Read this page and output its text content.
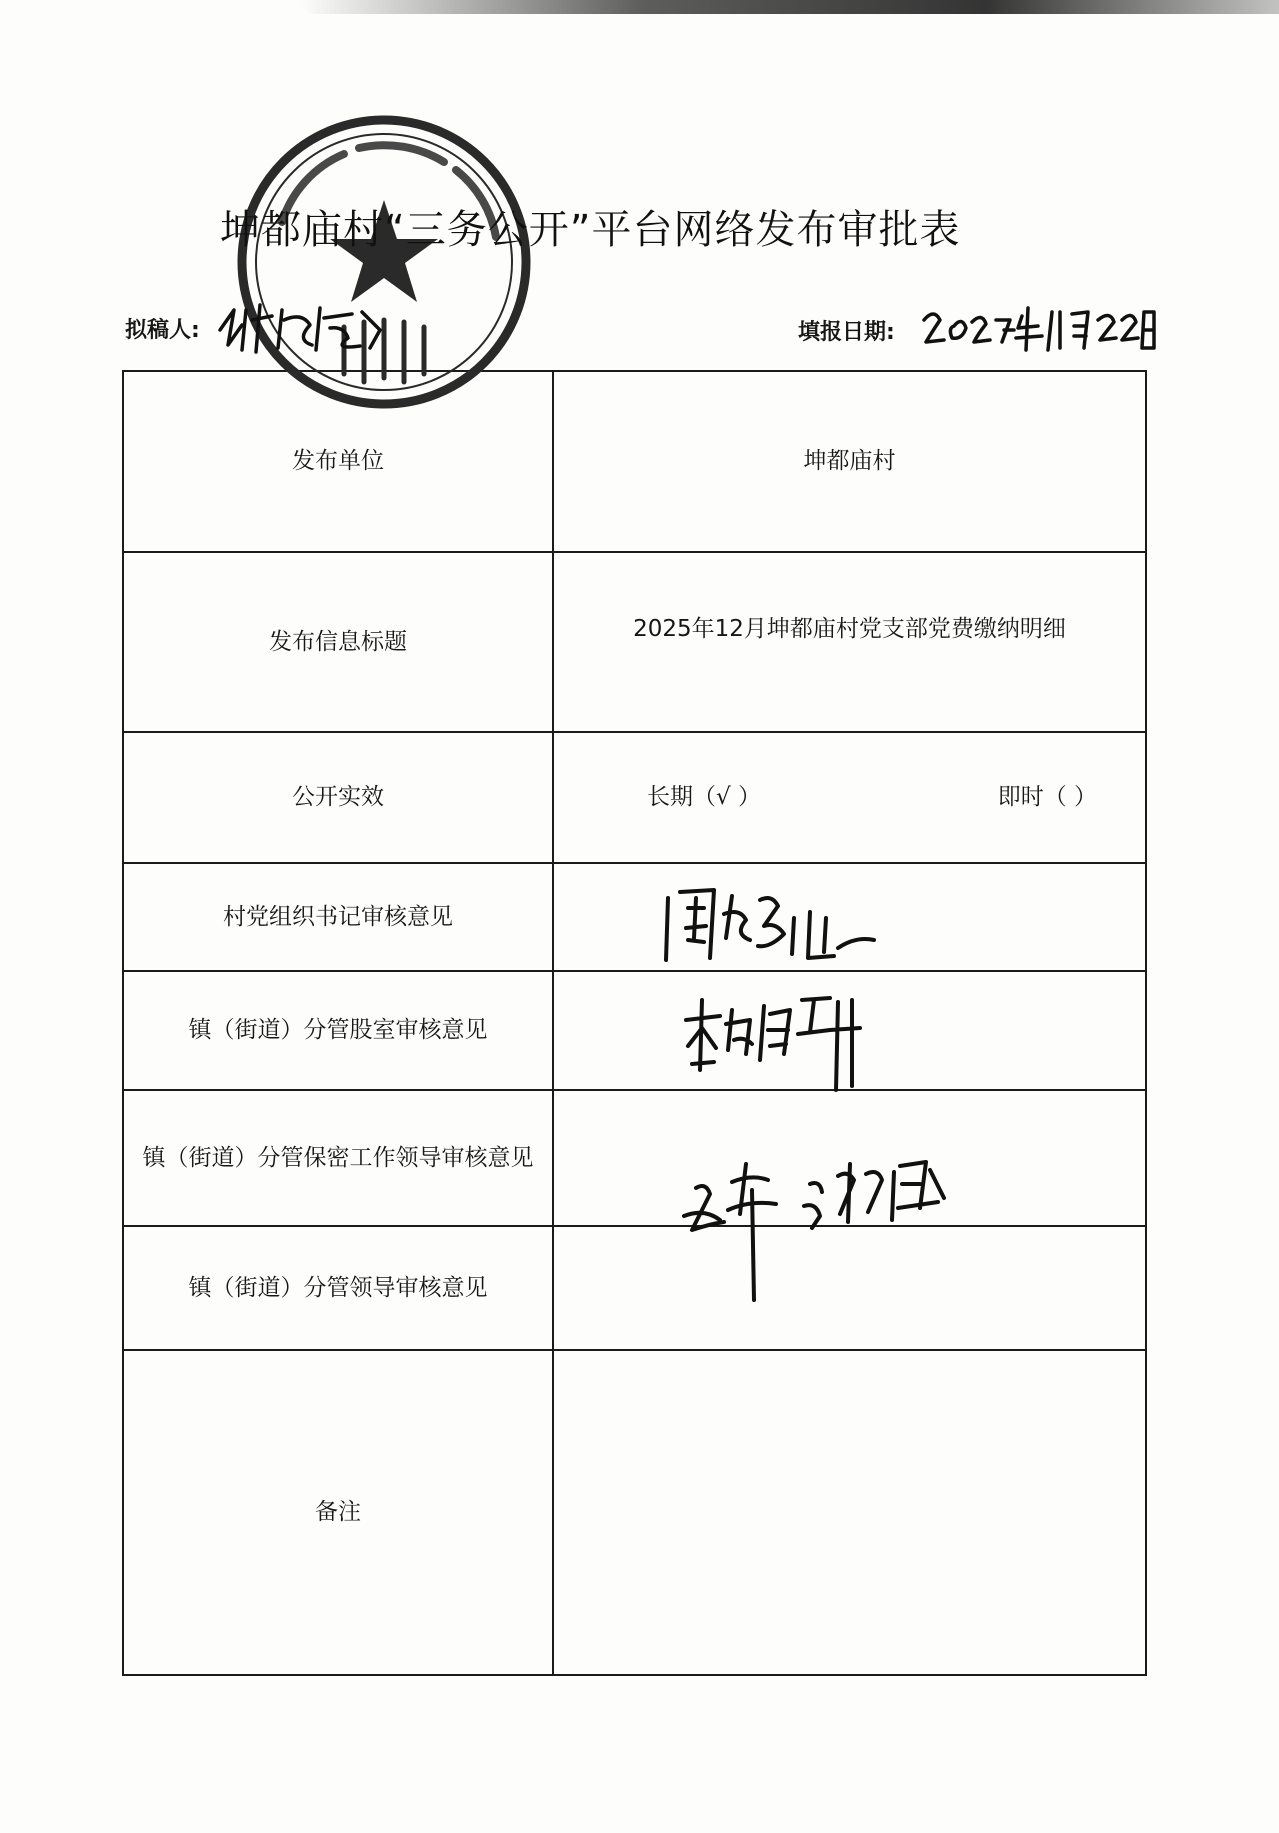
坤都庙村“三务公开”平台网络发布审批表
拟稿人:	填报日期:
发布单位	坤都庙村
发布信息标题	2025年12月坤都庙村党支部党费缴纳明细
公开实效	长期（√ ） 即时（ ）

村党组织书记审核意见	
镇（街道）分管股室审核意见	
镇（街道）分管保密工作领导审核意见	
镇（街道）分管领导审核意见	
备注	
